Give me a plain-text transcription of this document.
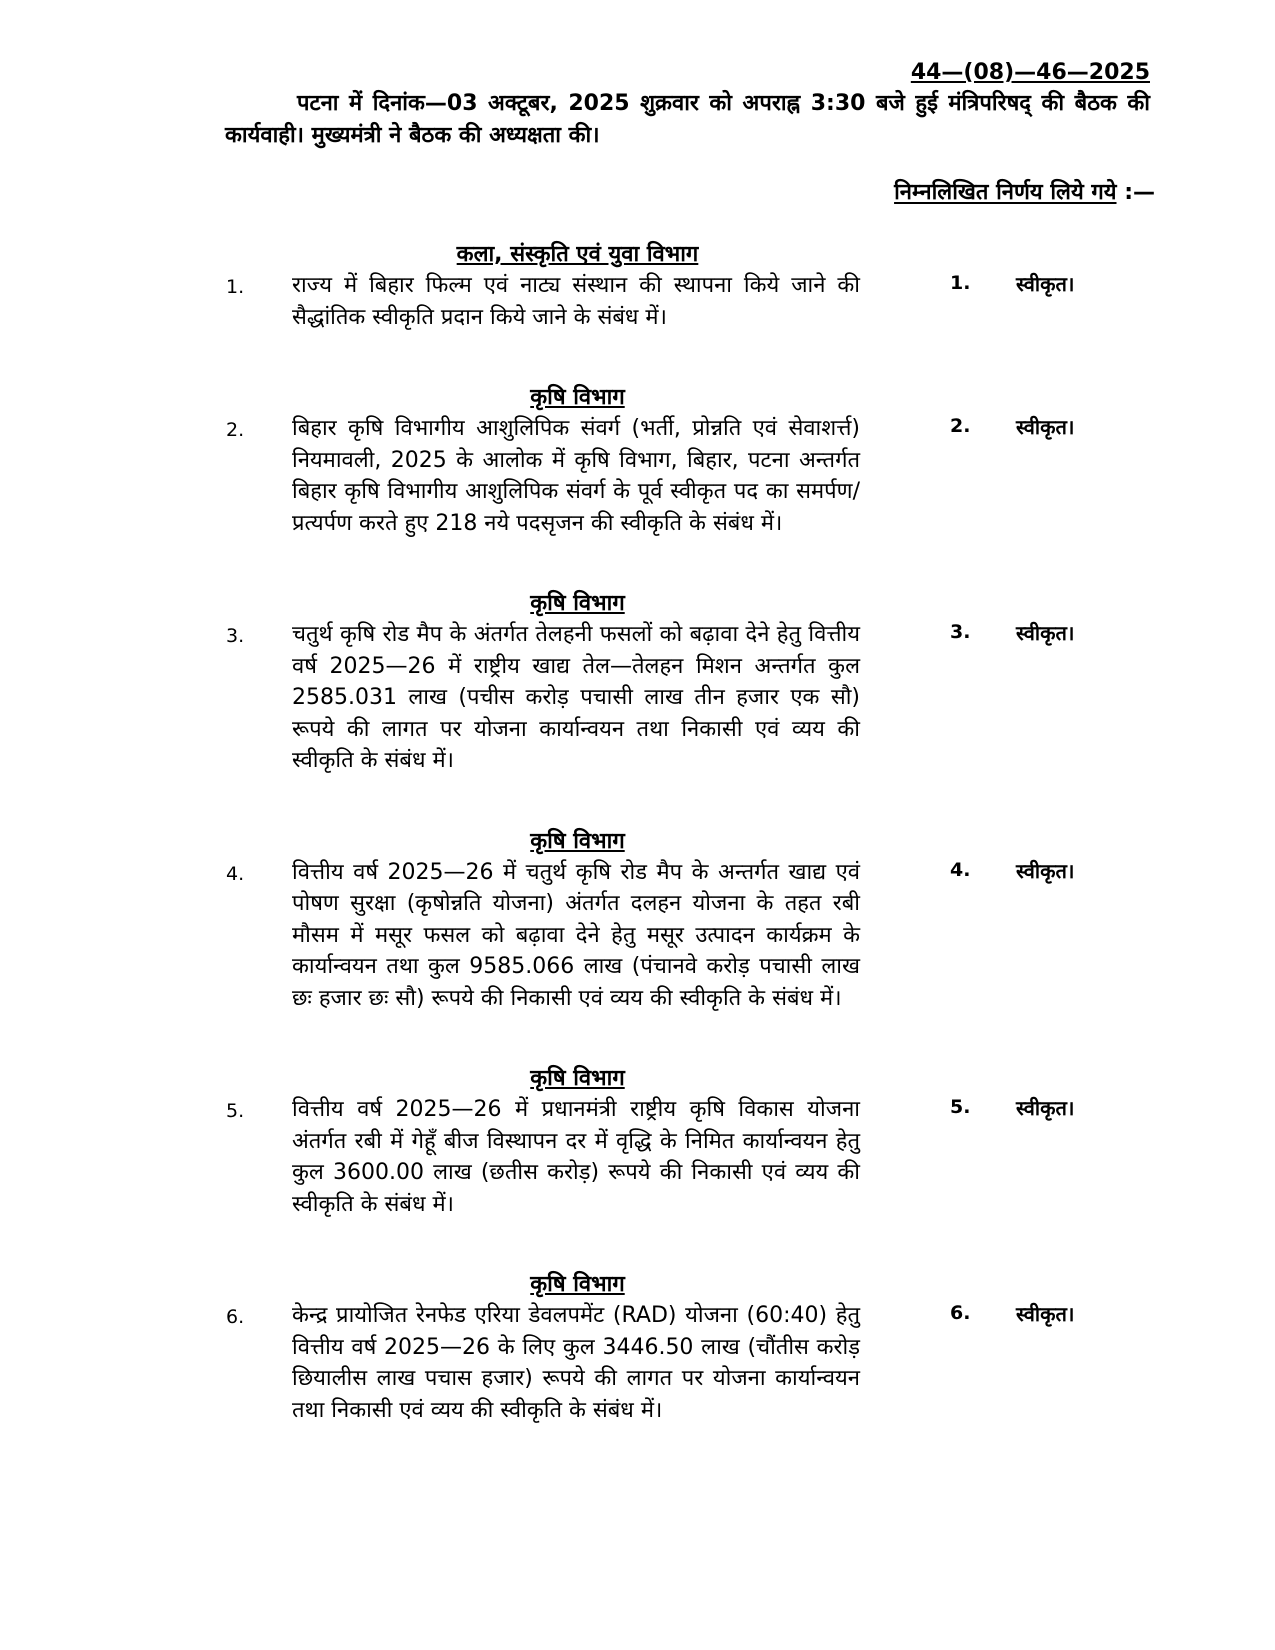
44—(08)—46—2025
पटना में दिनांक—03 अक्टूबर, 2025 शुक्रवार को अपराह्न 3:30 बजे हुई मंत्रिपरिषद् की बैठक की कार्यवाही। मुख्यमंत्री ने बैठक की अध्यक्षता की।
निम्नलिखित निर्णय लिये गये :—
कला, संस्कृति एवं युवा विभाग
1. राज्य में बिहार फिल्म एवं नाट्य संस्थान की स्थापना किये जाने की सैद्धांतिक स्वीकृति प्रदान किये जाने के संबंध में।
1. स्वीकृत।
कृषि विभाग
2. बिहार कृषि विभागीय आशुलिपिक संवर्ग (भर्ती, प्रोन्नति एवं सेवाशर्त्त) नियमावली, 2025 के आलोक में कृषि विभाग, बिहार, पटना अन्तर्गत बिहार कृषि विभागीय आशुलिपिक संवर्ग के पूर्व स्वीकृत पद का समर्पण/ प्रत्यर्पण करते हुए 218 नये पदसृजन की स्वीकृति के संबंध में।
2. स्वीकृत।
कृषि विभाग
3. चतुर्थ कृषि रोड मैप के अंतर्गत तेलहनी फसलों को बढ़ावा देने हेतु वित्तीय वर्ष 2025—26 में राष्ट्रीय खाद्य तेल—तेलहन मिशन अन्तर्गत कुल 2585.031 लाख (पचीस करोड़ पचासी लाख तीन हजार एक सौ) रूपये की लागत पर योजना कार्यान्वयन तथा निकासी एवं व्यय की स्वीकृति के संबंध में।
3. स्वीकृत।
कृषि विभाग
4. वित्तीय वर्ष 2025—26 में चतुर्थ कृषि रोड मैप के अन्तर्गत खाद्य एवं पोषण सुरक्षा (कृषोन्नति योजना) अंतर्गत दलहन योजना के तहत रबी मौसम में मसूर फसल को बढ़ावा देने हेतु मसूर उत्पादन कार्यक्रम के कार्यान्वयन तथा कुल 9585.066 लाख (पंचानवे करोड़ पचासी लाख छः हजार छः सौ) रूपये की निकासी एवं व्यय की स्वीकृति के संबंध में।
4. स्वीकृत।
कृषि विभाग
5. वित्तीय वर्ष 2025—26 में प्रधानमंत्री राष्ट्रीय कृषि विकास योजना अंतर्गत रबी में गेहूँ बीज विस्थापन दर में वृद्धि के निमित कार्यान्वयन हेतु कुल 3600.00 लाख (छतीस करोड़) रूपये की निकासी एवं व्यय की स्वीकृति के संबंध में।
5. स्वीकृत।
कृषि विभाग
6. केन्द्र प्रायोजित रेनफेड एरिया डेवलपमेंट (RAD) योजना (60:40) हेतु वित्तीय वर्ष 2025—26 के लिए कुल 3446.50 लाख (चौंतीस करोड़ छियालीस लाख पचास हजार) रूपये की लागत पर योजना कार्यान्वयन तथा निकासी एवं व्यय की स्वीकृति के संबंध में।
6. स्वीकृत।
